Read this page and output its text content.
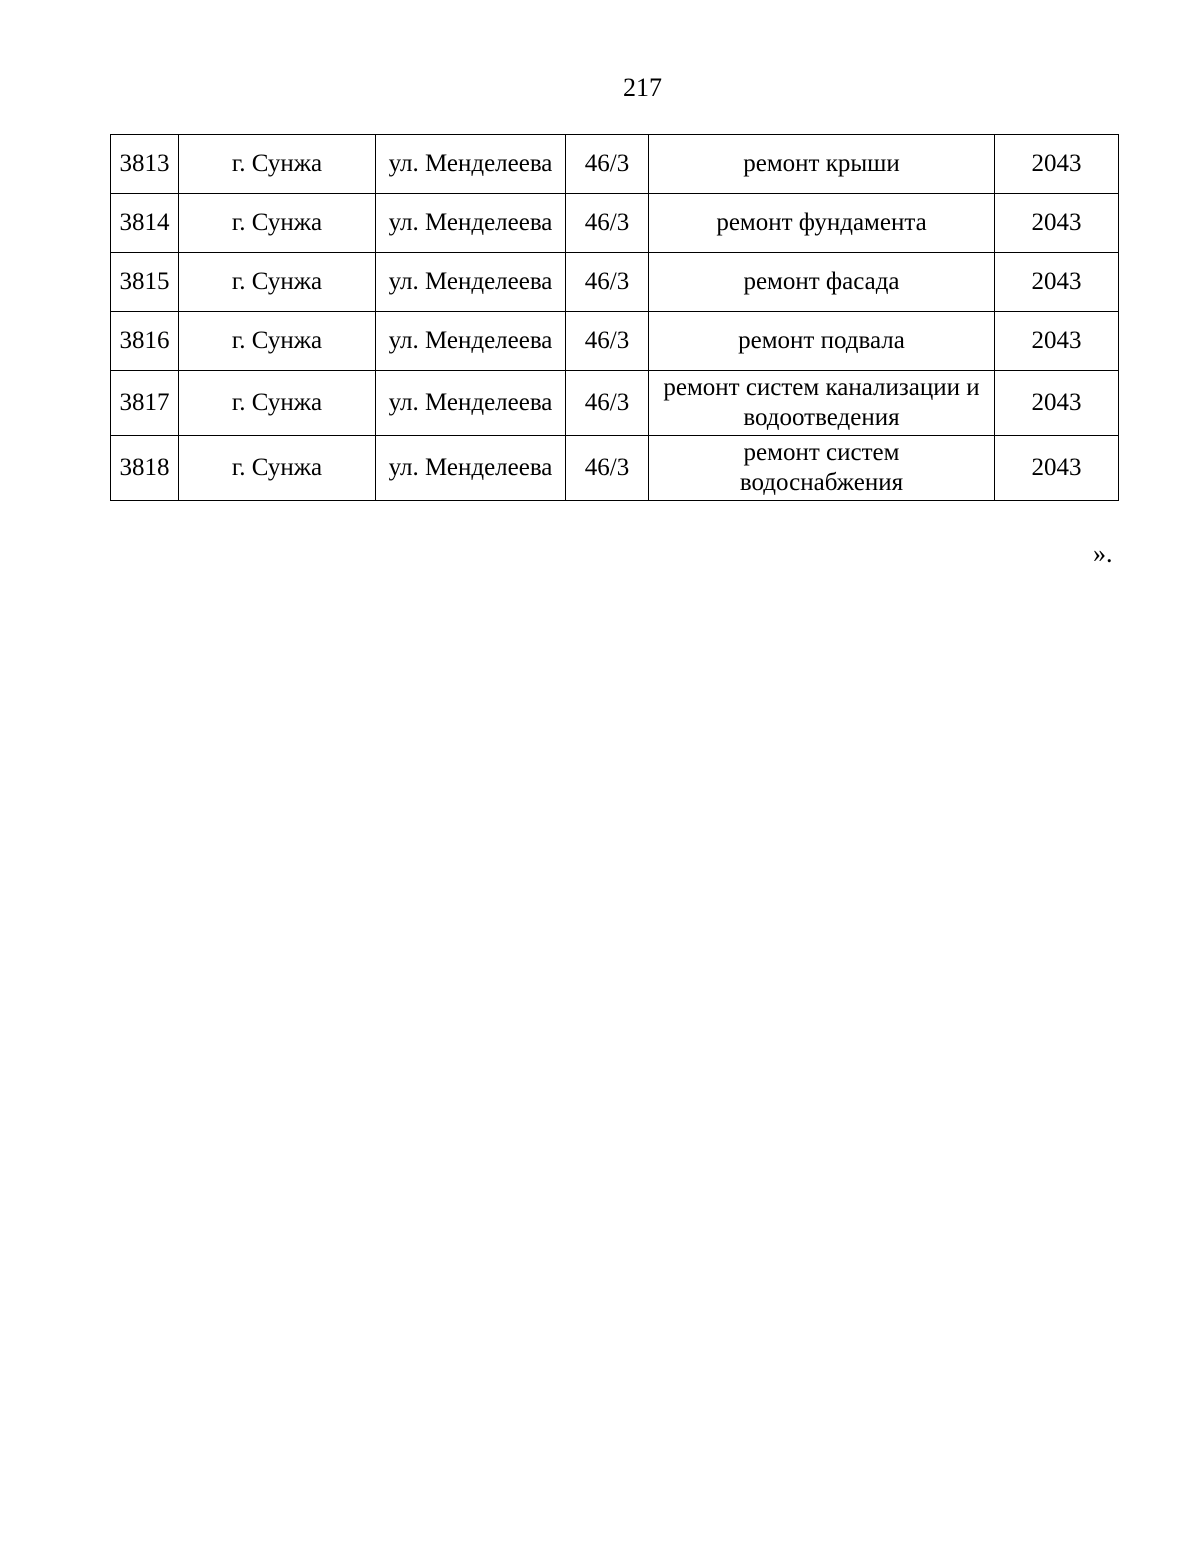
217
3813	г. Сунжа	ул. Менделеева	46/3	ремонт крыши	2043
3814	г. Сунжа	ул. Менделеева	46/3	ремонт фундамента	2043
3815	г. Сунжа	ул. Менделеева	46/3	ремонт фасада	2043
3816	г. Сунжа	ул. Менделеева	46/3	ремонт подвала	2043
3817	г. Сунжа	ул. Менделеева	46/3	ремонт систем канализации и водоотведения	2043
3818	г. Сунжа	ул. Менделеева	46/3	ремонт систем водоснабжения	2043
».
